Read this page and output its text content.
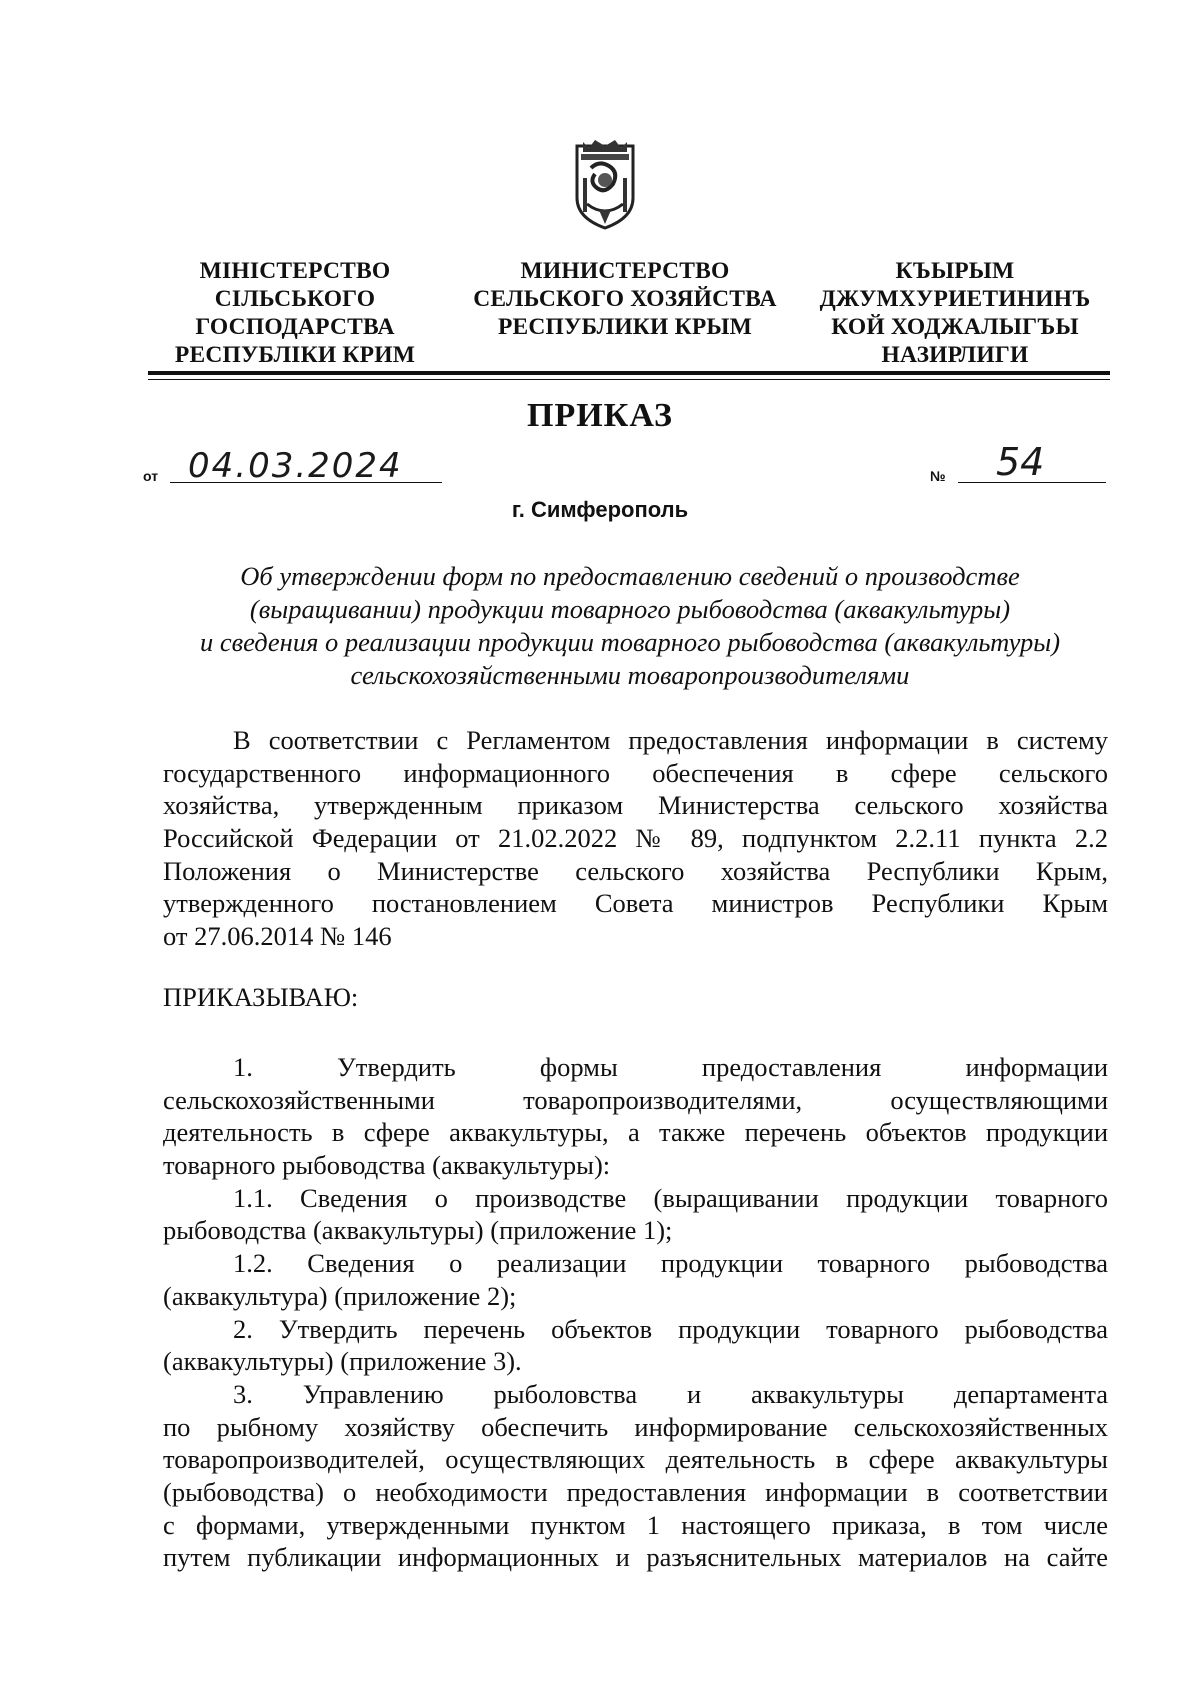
МІНІСТЕРСТВО
СІЛЬСЬКОГО
ГОСПОДАРСТВА
РЕСПУБЛІКИ КРИМ
МИНИСТЕРСТВО
СЕЛЬСКОГО ХОЗЯЙСТВА
РЕСПУБЛИКИ КРЫМ
КЪЫРЫМ
ДЖУМХУРИЕТИНИНЪ
КОЙ ХОДЖАЛЫГЪЫ
НАЗИРЛИГИ
ПРИКАЗ
от 04.03.2024	№ 54
г. Симферополь
Об утверждении форм по предоставлению сведений о производстве
(выращивании) продукции товарного рыбоводства (аквакультуры)
и сведения о реализации продукции товарного рыбоводства (аквакультуры)
сельскохозяйственными товаропроизводителями
В соответствии с Регламентом предоставления информации в систему
государственного информационного обеспечения в сфере сельского
хозяйства, утвержденным приказом Министерства сельского хозяйства
Российской Федерации от 21.02.2022 № 89, подпунктом 2.2.11 пункта 2.2
Положения о Министерстве сельского хозяйства Республики Крым,
утвержденного постановлением Совета министров Республики Крым
от 27.06.2014 № 146
ПРИКАЗЫВАЮ:
1. Утвердить формы предоставления информации
сельскохозяйственными товаропроизводителями, осуществляющими
деятельность в сфере аквакультуры, а также перечень объектов продукции
товарного рыбоводства (аквакультуры):
1.1. Сведения о производстве (выращивании продукции товарного
рыбоводства (аквакультуры) (приложение 1);
1.2. Сведения о реализации продукции товарного рыбоводства
(аквакультура) (приложение 2);
2. Утвердить перечень объектов продукции товарного рыбоводства
(аквакультуры) (приложение 3).
3. Управлению рыболовства и аквакультуры департамента
по рыбному хозяйству обеспечить информирование сельскохозяйственных
товаропроизводителей, осуществляющих деятельность в сфере аквакультуры
(рыбоводства) о необходимости предоставления информации в соответствии
с формами, утвержденными пунктом 1 настоящего приказа, в том числе
путем публикации информационных и разъяснительных материалов на сайте
